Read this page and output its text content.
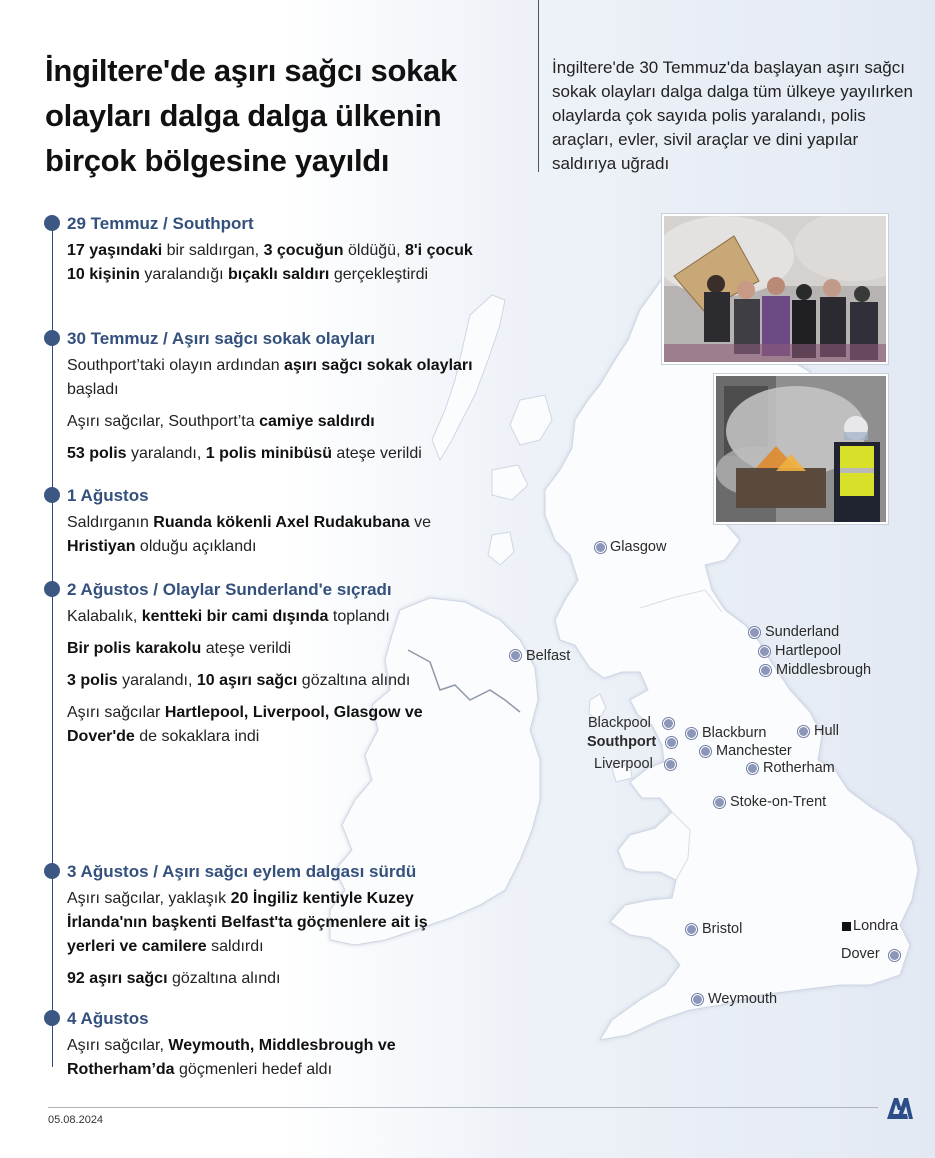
İngiltere'de aşırı sağcı sokak olayları dalga dalga ülkenin birçok bölgesine yayıldı
İngiltere'de 30 Temmuz'da başlayan aşırı sağcı sokak olayları dalga dalga tüm ülkeye yayılırken olaylarda çok sayıda polis yaralandı, polis araçları, evler, sivil araçlar ve dini yapılar saldırıya uğradı
29 Temmuz / Southport
17 yaşındaki bir saldırgan, 3 çocuğun öldüğü, 8'i çocuk 10 kişinin yaralandığı bıçaklı saldırı gerçekleştirdi
30 Temmuz / Aşırı sağcı sokak olayları
Southport’taki olayın ardından aşırı sağcı sokak olayları başladı
Aşırı sağcılar, Southport’ta camiye saldırdı
53 polis yaralandı, 1 polis minibüsü ateşe verildi
1 Ağustos
Saldırganın Ruanda kökenli Axel Rudakubana ve Hristiyan olduğu açıklandı
2 Ağustos / Olaylar Sunderland'e sıçradı
Kalabalık, kentteki bir cami dışında toplandı
Bir polis karakolu ateşe verildi
3 polis yaralandı, 10 aşırı sağcı gözaltına alındı
Aşırı sağcılar Hartlepool, Liverpool, Glasgow ve Dover'de de sokaklara indi
3 Ağustos / Aşırı sağcı eylem dalgası sürdü
Aşırı sağcılar, yaklaşık 20 İngiliz kentiyle Kuzey İrlanda'nın başkenti Belfast'ta göçmenlere ait iş yerleri ve camilere saldırdı
92 aşırı sağcı gözaltına alındı
4 Ağustos
Aşırı sağcılar, Weymouth, Middlesbrough ve Rotherham’da göçmenleri hedef aldı
Glasgow
Belfast
Sunderland
Hartlepool
Middlesbrough
Blackpool
Southport
Liverpool
Blackburn
Manchester
Hull
Rotherham
Stoke-on-Trent
Bristol	Londra
Dover
Weymouth
05.08.2024
